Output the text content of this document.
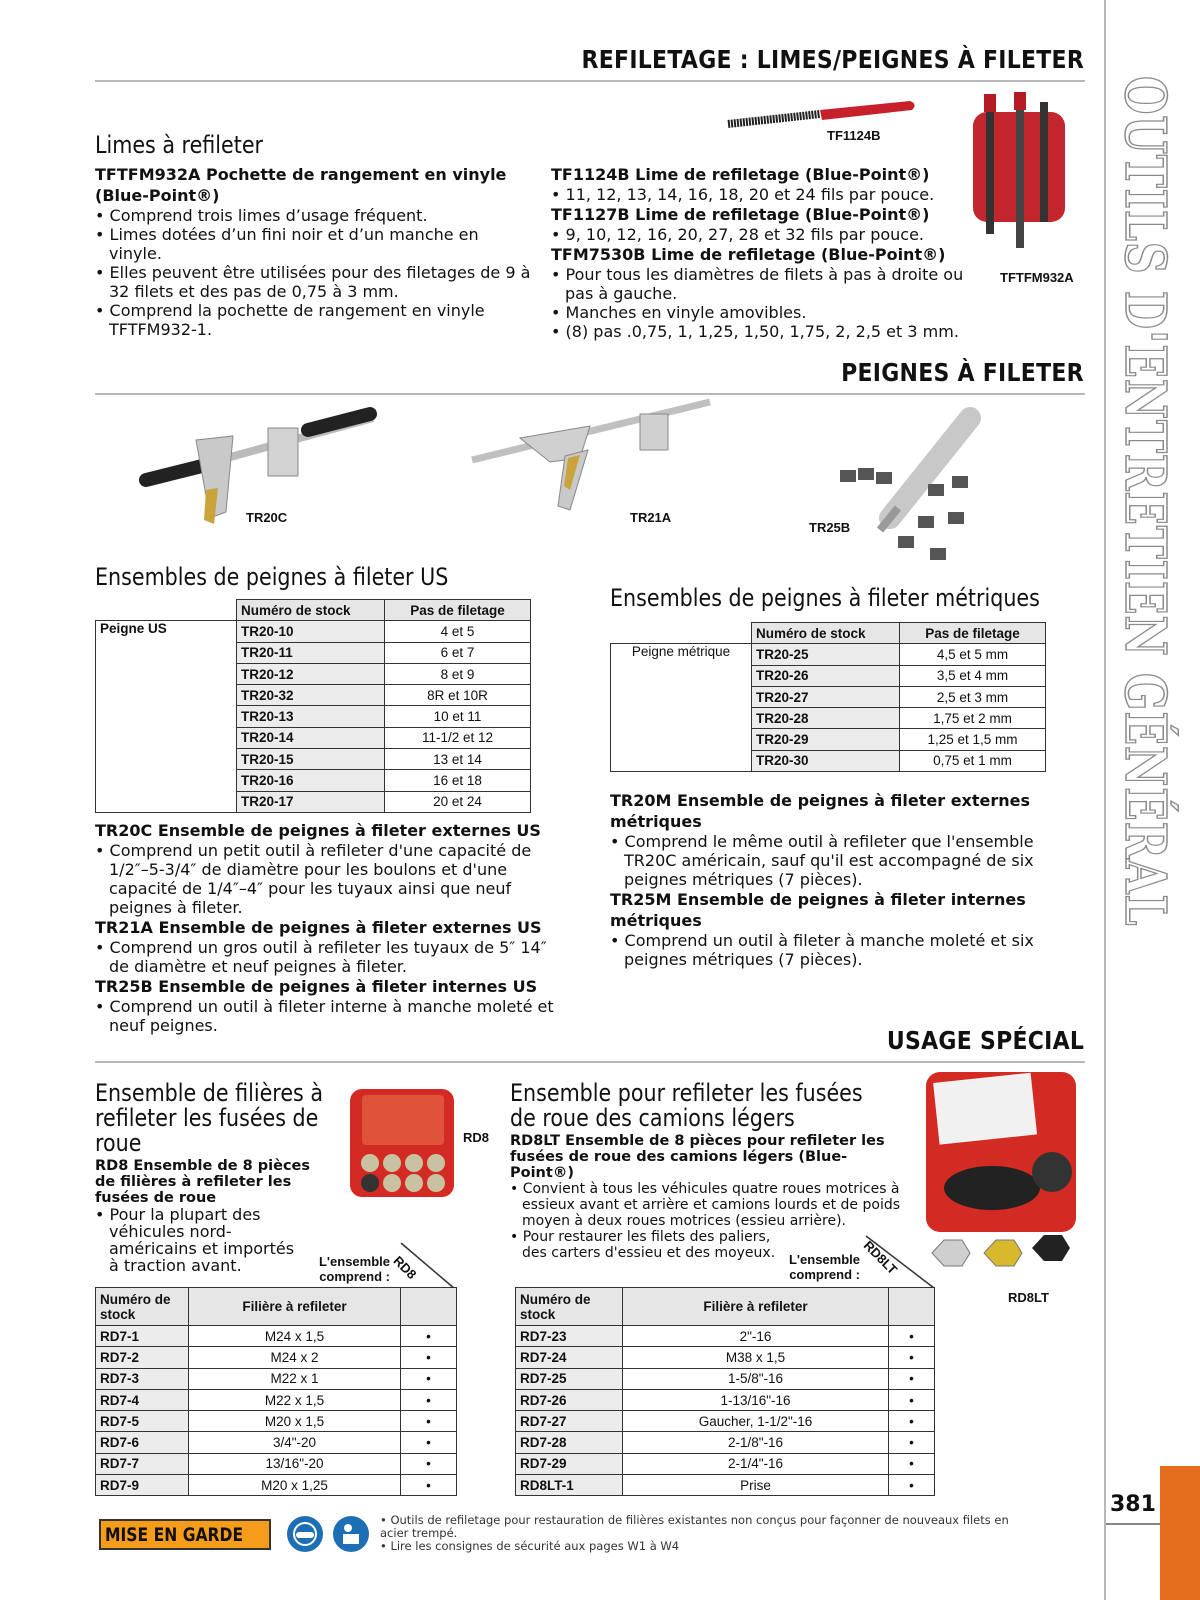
OUTILS D'ENTRETIEN GÉNÉRAL
381
REFILETAGE : LIMES/PEIGNES À FILETER
TF1124B
TFTFM932A
Limes à refileter
TFTFM932A Pochette de rangement en vinyle (Blue-Point®)
• Comprend trois limes d’usage fréquent.
• Limes dotées d’un fini noir et d’un manche en vinyle.
• Elles peuvent être utilisées pour des filetages de 9 à 32 filets et des pas de 0,75 à 3 mm.
• Comprend la pochette de rangement en vinyle TFTFM932-1.
TF1124B Lime de refiletage (Blue-Point®)
• 11, 12, 13, 14, 16, 18, 20 et 24 fils par pouce.
TF1127B Lime de refiletage (Blue-Point®)
• 9, 10, 12, 16, 20, 27, 28 et 32 fils par pouce.
TFM7530B Lime de refiletage (Blue-Point®)
• Pour tous les diamètres de filets à pas à droite ou pas à gauche.
• Manches en vinyle amovibles.
• (8) pas .0,75, 1, 1,25, 1,50, 1,75, 2, 2,5 et 3 mm.
PEIGNES À FILETER
TR20C	TR21A
TR25B
Ensembles de peignes à fileter US
	Numéro de stock	Pas de filetage
Peigne US	TR20-10	4 et 5
	TR20-11	6 et 7
	TR20-12	8 et 9
	TR20-32	8R et 10R
	TR20-13	10 et 11
	TR20-14	11-1/2 et 12
	TR20-15	13 et 14
	TR20-16	16 et 18
	TR20-17	20 et 24
TR20C Ensemble de peignes à fileter externes US
• Comprend un petit outil à refileter d'une capacité de 1/2″–5-3/4″ de diamètre pour les boulons et d'une capacité de 1/4″–4″ pour les tuyaux ainsi que neuf peignes à fileter.
TR21A Ensemble de peignes à fileter externes US
• Comprend un gros outil à refileter les tuyaux de 5″ 14″ de diamètre et neuf peignes à fileter.
TR25B Ensemble de peignes à fileter internes US
• Comprend un outil à fileter interne à manche moleté et neuf peignes.
Ensembles de peignes à fileter métriques
	Numéro de stock	Pas de filetage
Peigne métrique	TR20-25	4,5 et 5 mm
	TR20-26	3,5 et 4 mm
	TR20-27	2,5 et 3 mm
	TR20-28	1,75 et 2 mm
	TR20-29	1,25 et 1,5 mm
	TR20-30	0,75 et 1 mm
TR20M Ensemble de peignes à fileter externes métriques
• Comprend le même outil à refileter que l'ensemble TR20C américain, sauf qu'il est accompagné de six peignes métriques (7 pièces).
TR25M Ensemble de peignes à fileter internes métriques
• Comprend un outil à fileter à manche moleté et six peignes métriques (7 pièces).
USAGE SPÉCIAL
Ensemble de filières à refileter les fusées de roue
RD8 Ensemble de 8 pièces de filières à refileter les fusées de roue
• Pour la plupart des véhicules nord-américains et importés à traction avant.
RD8
L'ensemble comprend : RD8
Numéro de stock	Filière à refileter	
RD7-1	M24 x 1,5	•
RD7-2	M24 x 2	•
RD7-3	M22 x 1	•
RD7-4	M22 x 1,5	•
RD7-5	M20 x 1,5	•
RD7-6	3/4"-20	•
RD7-7	13/16"-20	•
RD7-9	M20 x 1,25	•
Ensemble pour refileter les fusées de roue des camions légers
RD8LT Ensemble de 8 pièces pour refileter les fusées de roue des camions légers (Blue-Point®)
• Convient à tous les véhicules quatre roues motrices à essieux avant et arrière et camions lourds et de poids moyen à deux roues motrices (essieu arrière).
• Pour restaurer les filets des paliers, des carters d'essieu et des moyeux.
RD8LT
L'ensemble comprend : RD8LT
Numéro de stock	Filière à refileter	
RD7-23	2"-16	•
RD7-24	M38 x 1,5	•
RD7-25	1-5/8"-16	•
RD7-26	1-13/16"-16	•
RD7-27	Gaucher, 1-1/2"-16	•
RD7-28	2-1/8"-16	•
RD7-29	2-1/4"-16	•
RD8LT-1	Prise	•
MISE EN GARDE
• Outils de refiletage pour restauration de filières existantes non conçus pour façonner de nouveaux filets en acier trempé.
• Lire les consignes de sécurité aux pages W1 à W4
